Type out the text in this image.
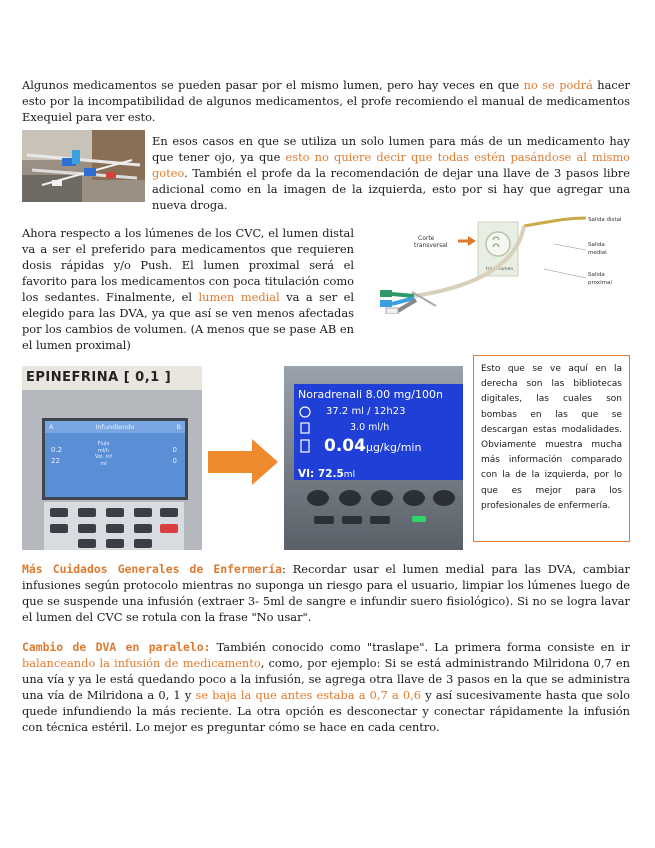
Algunos medicamentos se pueden pasar por el mismo lumen, pero hay veces en que no se podrá hacer esto por la incompatibilidad de algunos medicamentos, el profe recomiendo el manual de medicamentos Exequiel para ver esto.

En esos casos en que se utiliza un solo lumen para más de un medicamento hay que tener ojo, ya que esto no quiere decir que todas estén pasándose al mismo goteo. También el profe da la recomendación de dejar una llave de 3 pasos libre adicional como en la imagen de la izquierda, esto por si hay que agregar una nueva droga.

Ahora respecto a los lúmenes de los CVC, el lumen distal va a ser el preferido para medicamentos que requieren dosis rápidas y/o Push. El lumen proximal será el favorito para los medicamentos con poca titulación como los sedantes. Finalmente, el lumen medial va a ser el elegido para las DVA, ya que así se ven menos afectadas por los cambios de volumen. (A menos que se pase AB en el lumen proximal)

Corte
transversal
triple lumen
Salida distal
Salida
medial
Salida
proximal
EPINEFRINA [ 0,1 ]
A	Infundiendo	B
0.2
22
Flujo
ml/h
Vol. inf
ml
0
0
Noradrenali 8.00 mg/100n
37.2 ml / 12h23
3.0 ml/h
0.04µg/kg/min
VI: 72.5ml

Esto que se ve aquí en la derecha son las bibliotecas digitales, las cuales son bombas en las que se descargan estas modalidades. Obviamente muestra mucha más información comparado con la de la izquierda, por lo que es mejor para los profesionales de enfermería.

Más Cuidados Generales de Enfermería: Recordar usar el lumen medial para las DVA, cambiar infusiones según protocolo mientras no suponga un riesgo para el usuario, limpiar los lúmenes luego de que se suspende una infusión (extraer 3- 5ml de sangre e infundir suero fisiológico). Si no se logra lavar el lumen del CVC se rotula con la frase "No usar".

Cambio de DVA en paralelo: También conocido como "traslape". La primera forma consiste en ir balanceando la infusión de medicamento, como, por ejemplo: Si se está administrando Milridona 0,7 en una vía y ya le está quedando poco a la infusión, se agrega otra llave de 3 pasos en la que se administra una vía de Milridona a 0, 1 y se baja la que antes estaba a 0,7 a 0,6 y así sucesivamente hasta que solo quede infundiendo la más reciente. La otra opción es desconectar y conectar rápidamente la infusión con técnica estéril. Lo mejor es preguntar cómo se hace en cada centro.
